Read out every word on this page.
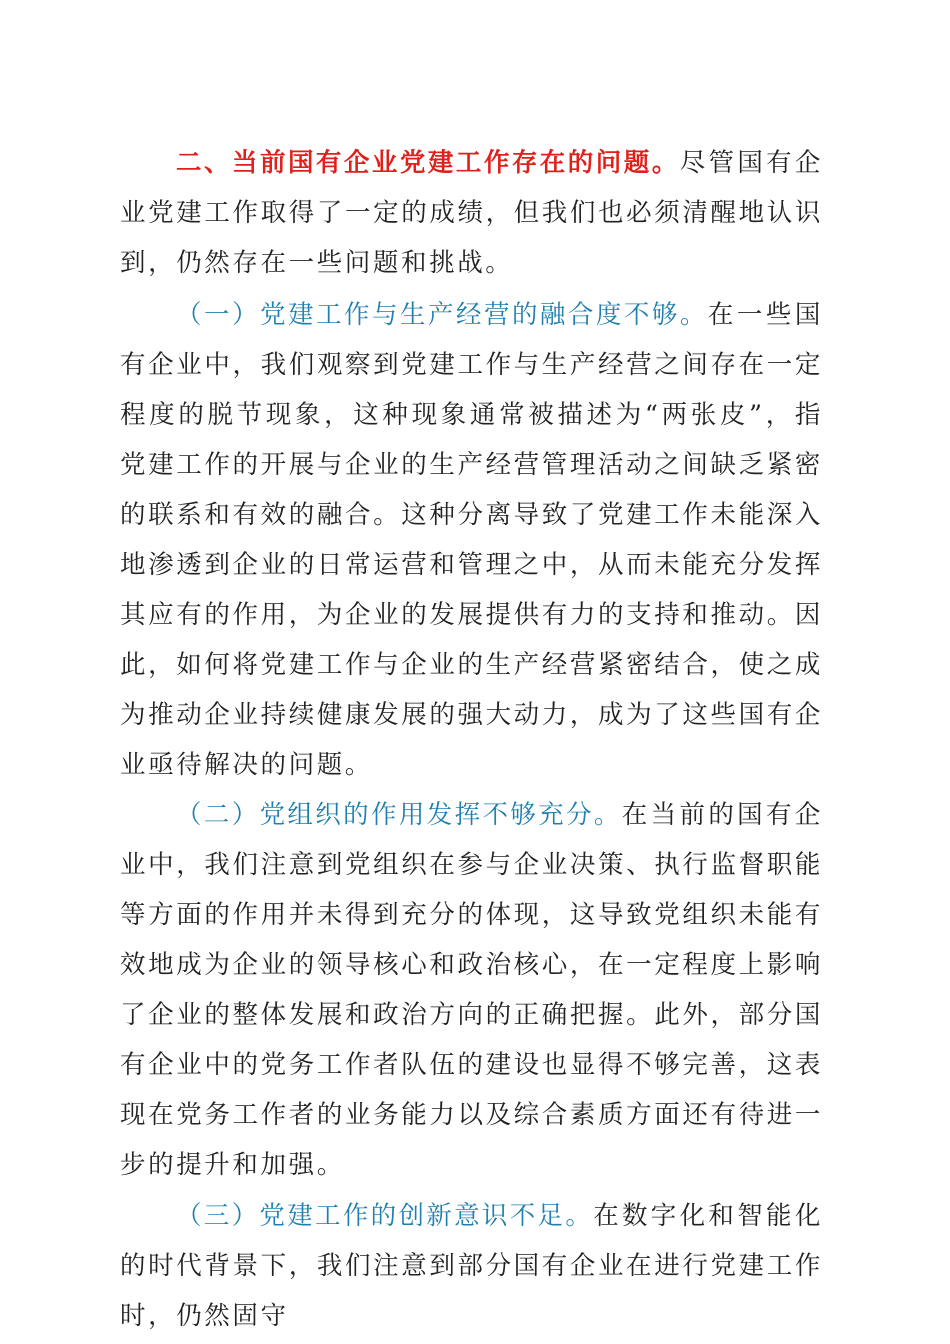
二、当前国有企业党建工作存在的问题。尽管国有企业党建工作取得了一定的成绩，但我们也必须清醒地认识到，仍然存在一些问题和挑战。

（一）党建工作与生产经营的融合度不够。在一些国有企业中，我们观察到党建工作与生产经营之间存在一定程度的脱节现象，这种现象通常被描述为“两张皮”，指党建工作的开展与企业的生产经营管理活动之间缺乏紧密的联系和有效的融合。这种分离导致了党建工作未能深入地渗透到企业的日常运营和管理之中，从而未能充分发挥其应有的作用，为企业的发展提供有力的支持和推动。因此，如何将党建工作与企业的生产经营紧密结合，使之成为推动企业持续健康发展的强大动力，成为了这些国有企业亟待解决的问题。

（二）党组织的作用发挥不够充分。在当前的国有企业中，我们注意到党组织在参与企业决策、执行监督职能等方面的作用并未得到充分的体现，这导致党组织未能有效地成为企业的领导核心和政治核心，在一定程度上影响了企业的整体发展和政治方向的正确把握。此外，部分国有企业中的党务工作者队伍的建设也显得不够完善，这表现在党务工作者的业务能力以及综合素质方面还有待进一步的提升和加强。

（三）党建工作的创新意识不足。在数字化和智能化的时代背景下，我们注意到部分国有企业在进行党建工作时，仍然固守
